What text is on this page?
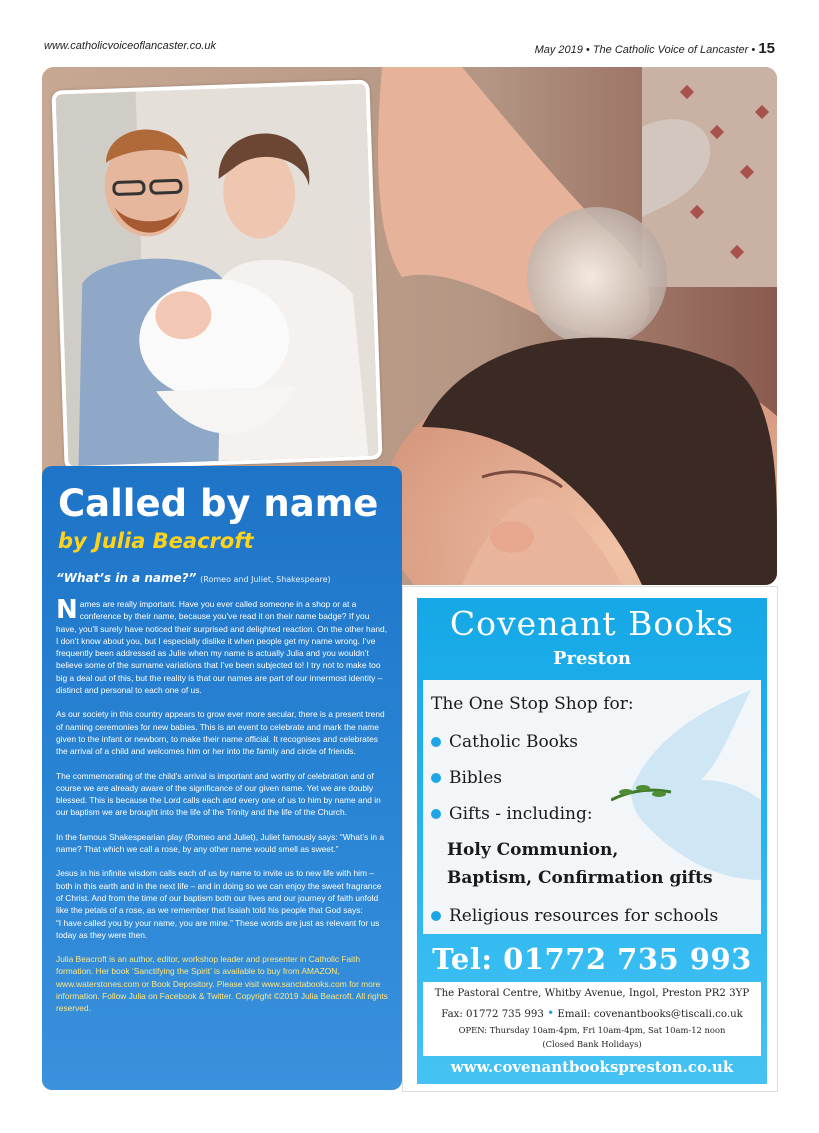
www.catholicvoiceoflancaster.co.uk	May 2019 • The Catholic Voice of Lancaster • 15
Called by name
by Julia Beacroft
“What’s in a name?” (Romeo and Juliet, Shakespeare)

Names are really important. Have you ever called someone in a shop or at a conference by their name, because you’ve read it on their name badge? If you have, you’ll surely have noticed their surprised and delighted reaction. On the other hand, I don’t know about you, but I especially dislike it when people get my name wrong. I’ve frequently been addressed as Julie when my name is actually Julia and you wouldn’t believe some of the surname variations that I’ve been subjected to! I try not to make too big a deal out of this, but the reality is that our names are part of our innermost identity – distinct and personal to each one of us.

As our society in this country appears to grow ever more secular, there is a present trend of naming ceremonies for new babies. This is an event to celebrate and mark the name given to the infant or newborn, to make their name official. It recognises and celebrates the arrival of a child and welcomes him or her into the family and circle of friends.

The commemorating of the child’s arrival is important and worthy of celebration and of course we are already aware of the significance of our given name. Yet we are doubly blessed. This is because the Lord calls each and every one of us to him by name and in our baptism we are brought into the life of the Trinity and the life of the Church.

In the famous Shakespearian play (Romeo and Juliet), Juliet famously says: “What’s in a name? That which we call a rose, by any other name would smell as sweet.”

Jesus in his infinite wisdom calls each of us by name to invite us to new life with him – both in this earth and in the next life – and in doing so we can enjoy the sweet fragrance of Christ. And from the time of our baptism both our lives and our journey of faith unfold like the petals of a rose, as we remember that Isaiah told his people that God says:

“I have called you by your name, you are mine.” These words are just as relevant for us today as they were then.

Julia Beacroft is an author, editor, workshop leader and presenter in Catholic Faith formation. Her book ‘Sanctifying the Spirit’ is available to buy from AMAZON, www.waterstones.com or Book Depository. Please visit www.sanctabooks.com for more information. Follow Julia on Facebook & Twitter. Copyright ©2019 Julia Beacroft. All rights reserved.

Covenant Books
Preston
The One Stop Shop for:
Catholic Books
Bibles
Gifts - including:
Holy Communion,
Baptism, Confirmation gifts
Religious resources for schools
Tel: 01772 735 993
The Pastoral Centre, Whitby Avenue, Ingol, Preston PR2 3YP
Fax: 01772 735 993 • Email: covenantbooks@tiscali.co.uk
OPEN: Thursday 10am-4pm, Fri 10am-4pm, Sat 10am-12 noon
(Closed Bank Holidays)
www.covenantbookspreston.co.uk
